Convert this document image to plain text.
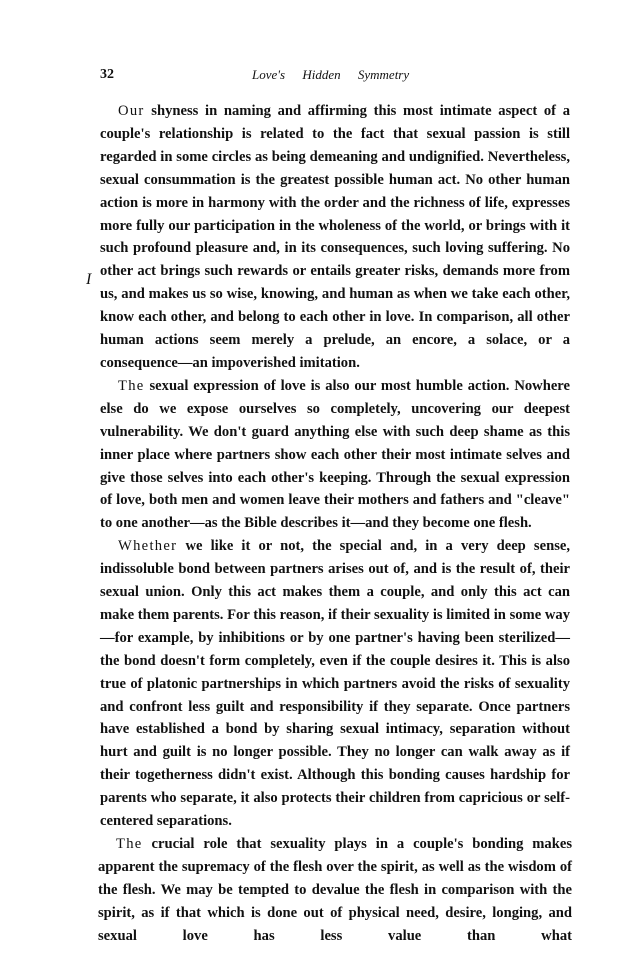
32	Love's Hidden Symmetry
I

Our shyness in naming and affirming this most intimate aspect of a couple's relationship is related to the fact that sexual passion is still regarded in some circles as being demeaning and undignified. Nevertheless, sexual consummation is the greatest possible human act. No other human action is more in harmony with the order and the richness of life, expresses more fully our participation in the wholeness of the world, or brings with it such profound pleasure and, in its consequences, such loving suffering. No other act brings such rewards or entails greater risks, demands more from us, and makes us so wise, knowing, and human as when we take each other, know each other, and belong to each other in love. In comparison, all other human actions seem merely a prelude, an encore, a solace, or a consequence—an impoverished imitation.

The sexual expression of love is also our most humble action. Nowhere else do we expose ourselves so completely, uncovering our deepest vulnerability. We don't guard anything else with such deep shame as this inner place where partners show each other their most intimate selves and give those selves into each other's keeping. Through the sexual expression of love, both men and women leave their mothers and fathers and "cleave" to one another—as the Bible describes it—and they become one flesh.

Whether we like it or not, the special and, in a very deep sense, indissoluble bond between partners arises out of, and is the result of, their sexual union. Only this act makes them a couple, and only this act can make them parents. For this reason, if their sexuality is limited in some way—for example, by inhibitions or by one partner's having been sterilized—the bond doesn't form completely, even if the couple desires it. This is also true of platonic partnerships in which partners avoid the risks of sexuality and confront less guilt and responsibility if they separate. Once partners have established a bond by sharing sexual intimacy, separation without hurt and guilt is no longer possible. They no longer can walk away as if their togetherness didn't exist. Although this bonding causes hardship for parents who separate, it also protects their children from capricious or self-centered separations.

The crucial role that sexuality plays in a couple's bonding makes apparent the supremacy of the flesh over the spirit, as well as the wisdom of the flesh. We may be tempted to devalue the flesh in comparison with the spirit, as if that which is done out of physical need, desire, longing, and sexual love has less value than what
